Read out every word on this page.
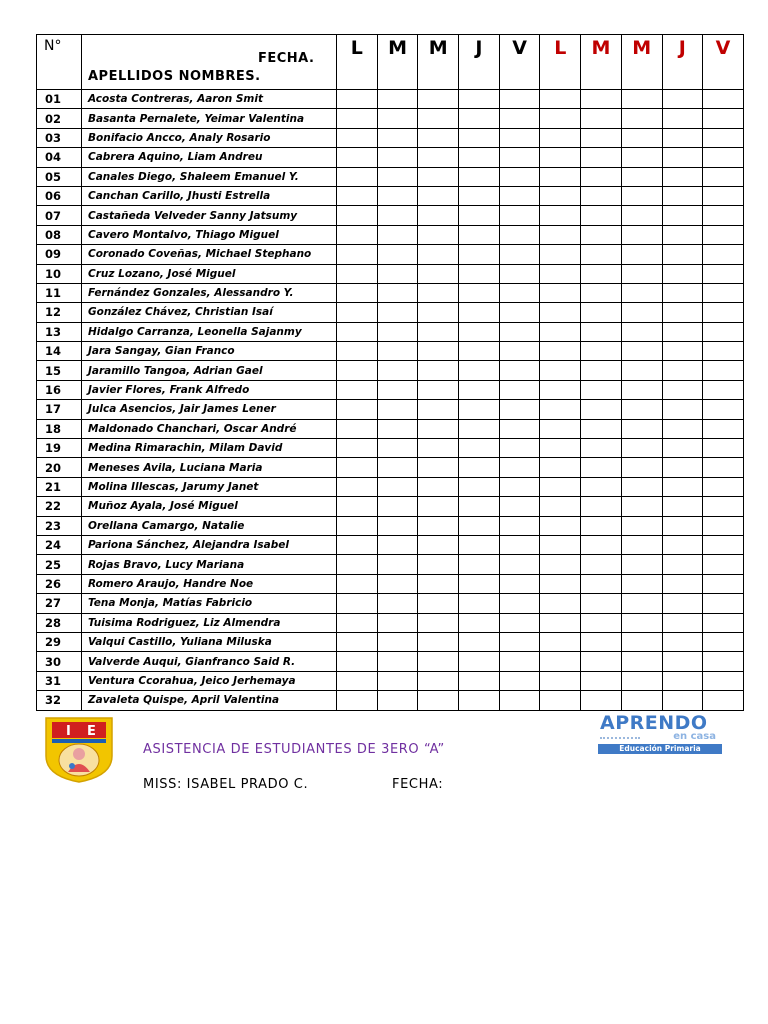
N°	FECHA.
APELLIDOS NOMBRES.	L	M	M	J	V	L	M	M	J	V
01	Acosta Contreras, Aaron Smit										
02	Basanta Pernalete, Yeimar Valentina										
03	Bonifacio Ancco, Analy Rosario										
04	Cabrera Aquino, Liam Andreu										
05	Canales Diego, Shaleem Emanuel Y.										
06	Canchan Carillo, Jhusti Estrella										
07	Castañeda Velveder Sanny Jatsumy										
08	Cavero Montalvo, Thiago Miguel										
09	Coronado Coveñas, Michael Stephano										
10	Cruz Lozano, José Miguel										
11	Fernández Gonzales, Alessandro Y.										
12	González Chávez, Christian Isaí										
13	Hidalgo Carranza, Leonella Sajanmy										
14	Jara Sangay, Gian Franco										
15	Jaramillo Tangoa, Adrian Gael										
16	Javier Flores, Frank Alfredo										
17	Julca Asencios, Jair James Lener										
18	Maldonado Chanchari, Oscar André										
19	Medina Rimarachin, Milam David										
20	Meneses Avila, Luciana Maria										
21	Molina Illescas, Jarumy Janet										
22	Muñoz Ayala, José Miguel										
23	Orellana Camargo, Natalie										
24	Pariona Sánchez, Alejandra Isabel										
25	Rojas Bravo, Lucy Mariana										
26	Romero Araujo, Handre Noe										
27	Tena Monja, Matías Fabricio										
28	Tuisima Rodriguez, Liz Almendra										
29	Valqui Castillo, Yuliana Miluska										
30	Valverde Auqui, Gianfranco Said R.										
31	Ventura Ccorahua, Jeico Jerhemaya										
32	Zavaleta Quispe, April Valentina										
I E
ASISTENCIA DE ESTUDIANTES DE 3ERO “A”
MISS: ISABEL PRADO C.	FECHA:
APRENDO
en casa
Educación Primaria
